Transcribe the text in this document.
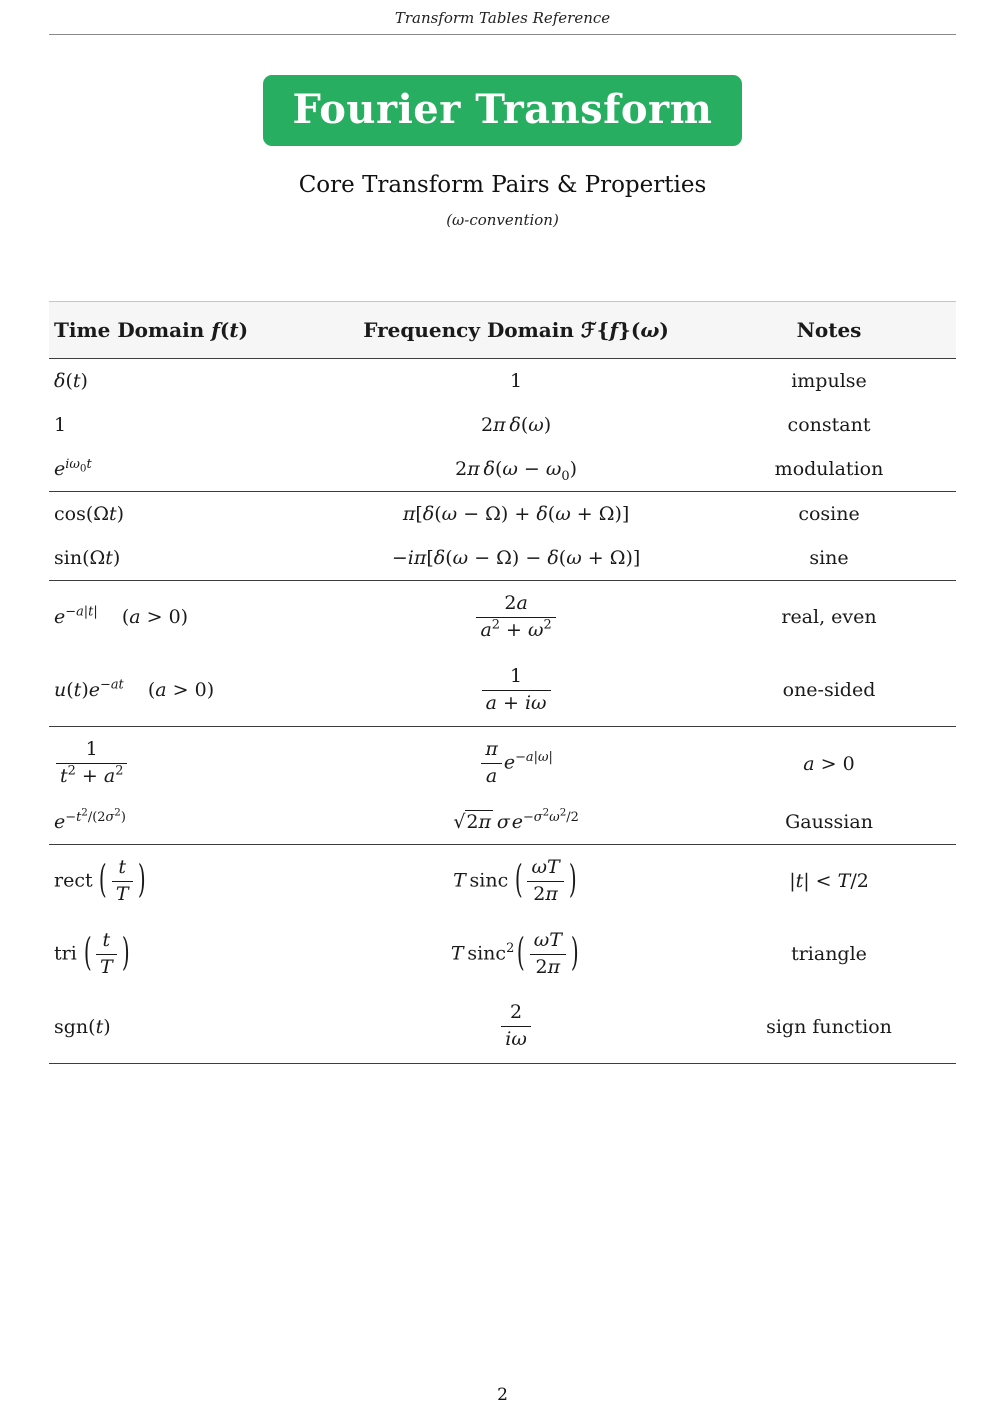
Transform Tables Reference
Fourier Transform
Core Transform Pairs & Properties
(ω-convention)
Time Domain f(t)	Frequency Domain ℱ{f}(ω)	Notes
δ(t)	1	impulse
1	2π  δ(ω)	constant
$e^{i\omega_0t}$	2π  $\delta(\omega - \omega_0)$	modulation
cos(Ωt)	π[δ(ω − Ω) + δ(ω + Ω)]	cosine
sin(Ωt)	−iπ[δ(ω − Ω) − δ(ω + Ω)]	sine
$e^{-a|t|}$    (a > 0)	$\frac{2a}{a^2 + \omega^2}$	real, even
$u(t)e^{-at}$    (a > 0)	$\frac{1}{a + i\omega}$	one-sided

$\frac{1}{t^2 + a^2}$	$\frac{\pi}{a} e^{-a|\omega|}$	a > 0
$e^{-t^2/(2\sigma^2)}$	√2π  σ  $e^{-\sigma^2\omega^2/2}$	Gaussian
rect ( $\frac{t}{T}$ )	T sinc ( $\frac{\omega T}{2\pi}$ )	|t| < T/2
tri ( $\frac{t}{T}$ )	T sinc$^2$ ( $\frac{\omega T}{2\pi}$ )	triangle
sgn(t)	$\frac{2}{i\omega}$	sign function
2
